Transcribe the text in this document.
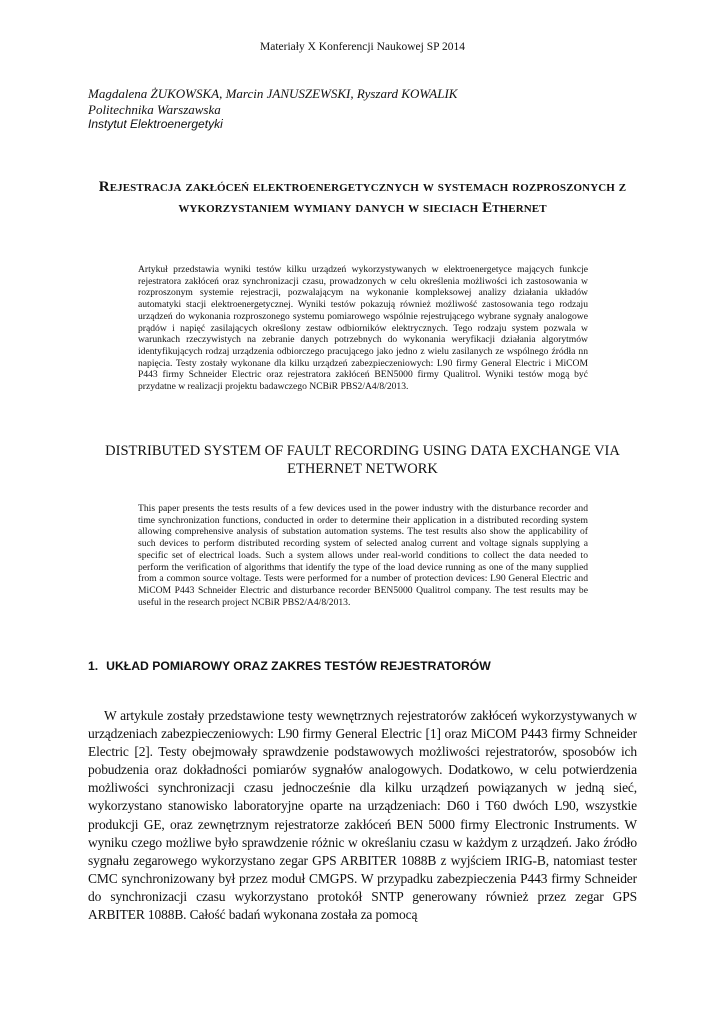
Materiały X Konferencji Naukowej SP 2014
Magdalena ŻUKOWSKA, Marcin JANUSZEWSKI, Ryszard KOWALIK
Politechnika Warszawska
Instytut Elektroenergetyki
Rejestracja zakłóceń elektroenergetycznych w systemach rozproszonych z wykorzystaniem wymiany danych w sieciach Ethernet
Artykuł przedstawia wyniki testów kilku urządzeń wykorzystywanych w elektroenergetyce mających funkcje rejestratora zakłóceń oraz synchronizacji czasu, prowadzonych w celu określenia możliwości ich zastosowania w rozproszonym systemie rejestracji, pozwalającym na wykonanie kompleksowej analizy działania układów automatyki stacji elektroenergetycznej. Wyniki testów pokazują również możliwość zastosowania tego rodzaju urządzeń do wykonania rozproszonego systemu pomiarowego wspólnie rejestrującego wybrane sygnały analogowe prądów i napięć zasilających określony zestaw odbiorników elektrycznych. Tego rodzaju system pozwala w warunkach rzeczywistych na zebranie danych potrzebnych do wykonania weryfikacji działania algorytmów identyfikujących rodzaj urządzenia odbiorczego pracującego jako jedno z wielu zasilanych ze wspólnego źródła nn napięcia. Testy zostały wykonane dla kilku urządzeń zabezpieczeniowych: L90 firmy General Electric i MiCOM P443 firmy Schneider Electric oraz rejestratora zakłóceń BEN5000 firmy Qualitrol. Wyniki testów mogą być przydatne w realizacji projektu badawczego NCBiR PBS2/A4/8/2013.
DISTRIBUTED SYSTEM OF FAULT RECORDING USING DATA EXCHANGE VIA ETHERNET NETWORK
This paper presents the tests results of a few devices used in the power industry with the disturbance recorder and time synchronization functions, conducted in order to determine their application in a distributed recording system allowing comprehensive analysis of substation automation systems. The test results also show the applicability of such devices to perform distributed recording system of selected analog current and voltage signals supplying a specific set of electrical loads. Such a system allows under real-world conditions to collect the data needed to perform the verification of algorithms that identify the type of the load device running as one of the many supplied from a common source voltage. Tests were performed for a number of protection devices: L90 General Electric and MiCOM P443 Schneider Electric and disturbance recorder BEN5000 Qualitrol company. The test results may be useful in the research project NCBiR PBS2/A4/8/2013.
1. UKŁAD POMIAROWY ORAZ ZAKRES TESTÓW REJESTRATORÓW
W artykule zostały przedstawione testy wewnętrznych rejestratorów zakłóceń wykorzystywanych w urządzeniach zabezpieczeniowych: L90 firmy General Electric [1] oraz MiCOM P443 firmy Schneider Electric [2]. Testy obejmowały sprawdzenie podstawowych możliwości rejestratorów, sposobów ich pobudzenia oraz dokładności pomiarów sygnałów analogowych. Dodatkowo, w celu potwierdzenia możliwości synchronizacji czasu jednocześnie dla kilku urządzeń powiązanych w jedną sieć, wykorzystano stanowisko laboratoryjne oparte na urządzeniach: D60 i T60 dwóch L90, wszystkie produkcji GE, oraz zewnętrznym rejestratorze zakłóceń BEN 5000 firmy Electronic Instruments. W wyniku czego możliwe było sprawdzenie różnic w określaniu czasu w każdym z urządzeń. Jako źródło sygnału zegarowego wykorzystano zegar GPS ARBITER 1088B z wyjściem IRIG-B, natomiast tester CMC synchronizowany był przez moduł CMGPS. W przypadku zabezpieczenia P443 firmy Schneider do synchronizacji czasu wykorzystano protokół SNTP generowany również przez zegar GPS ARBITER 1088B. Całość badań wykonana została za pomocą
